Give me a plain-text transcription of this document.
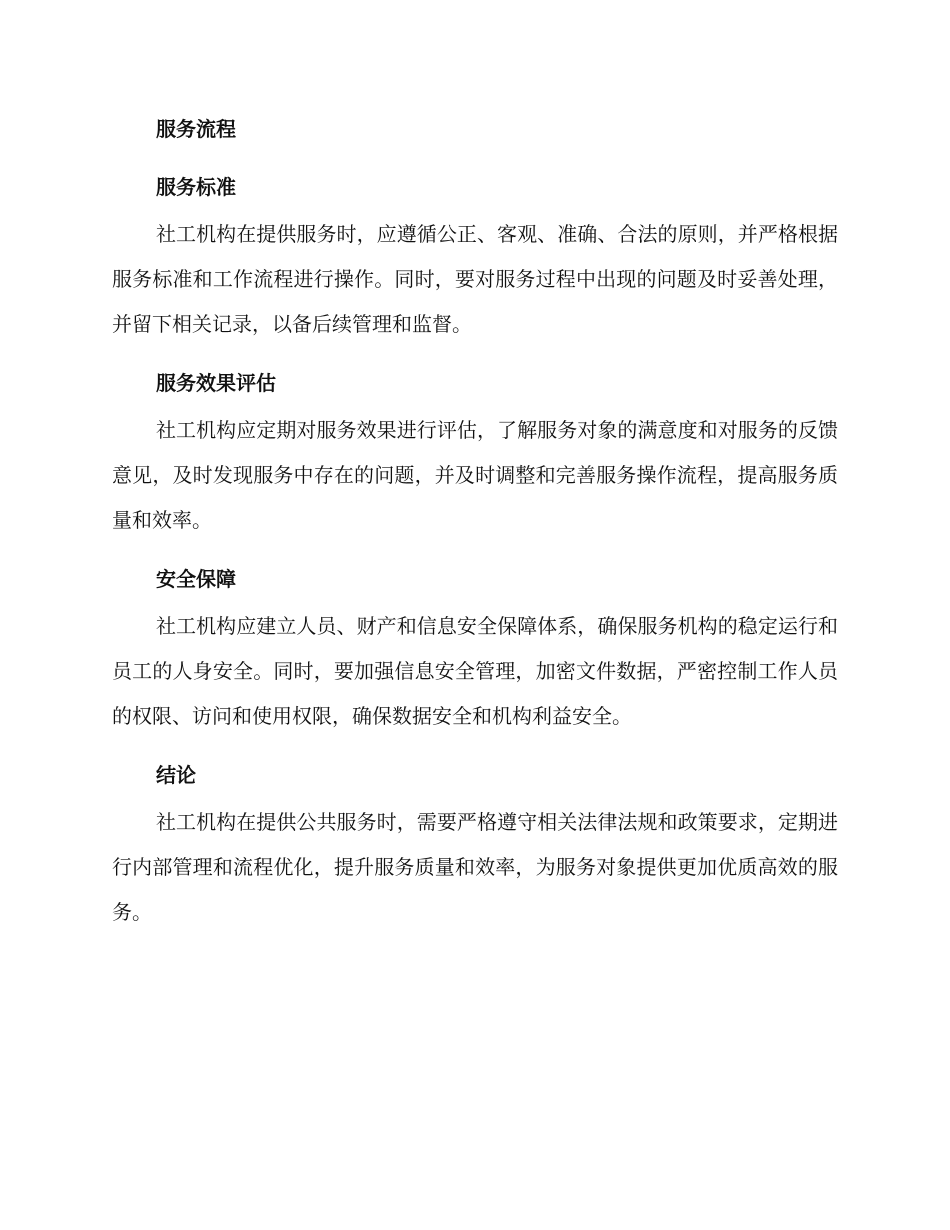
服务流程
服务标准

社工机构在提供服务时，应遵循公正、客观、准确、合法的原则，并严格根据服务标准和工作流程进行操作。同时，要对服务过程中出现的问题及时妥善处理，并留下相关记录，以备后续管理和监督。

服务效果评估

社工机构应定期对服务效果进行评估，了解服务对象的满意度和对服务的反馈意见，及时发现服务中存在的问题，并及时调整和完善服务操作流程，提高服务质量和效率。

安全保障

社工机构应建立人员、财产和信息安全保障体系，确保服务机构的稳定运行和员工的人身安全。同时，要加强信息安全管理，加密文件数据，严密控制工作人员的权限、访问和使用权限，确保数据安全和机构利益安全。

结论

社工机构在提供公共服务时，需要严格遵守相关法律法规和政策要求，定期进行内部管理和流程优化，提升服务质量和效率，为服务对象提供更加优质高效的服务。
